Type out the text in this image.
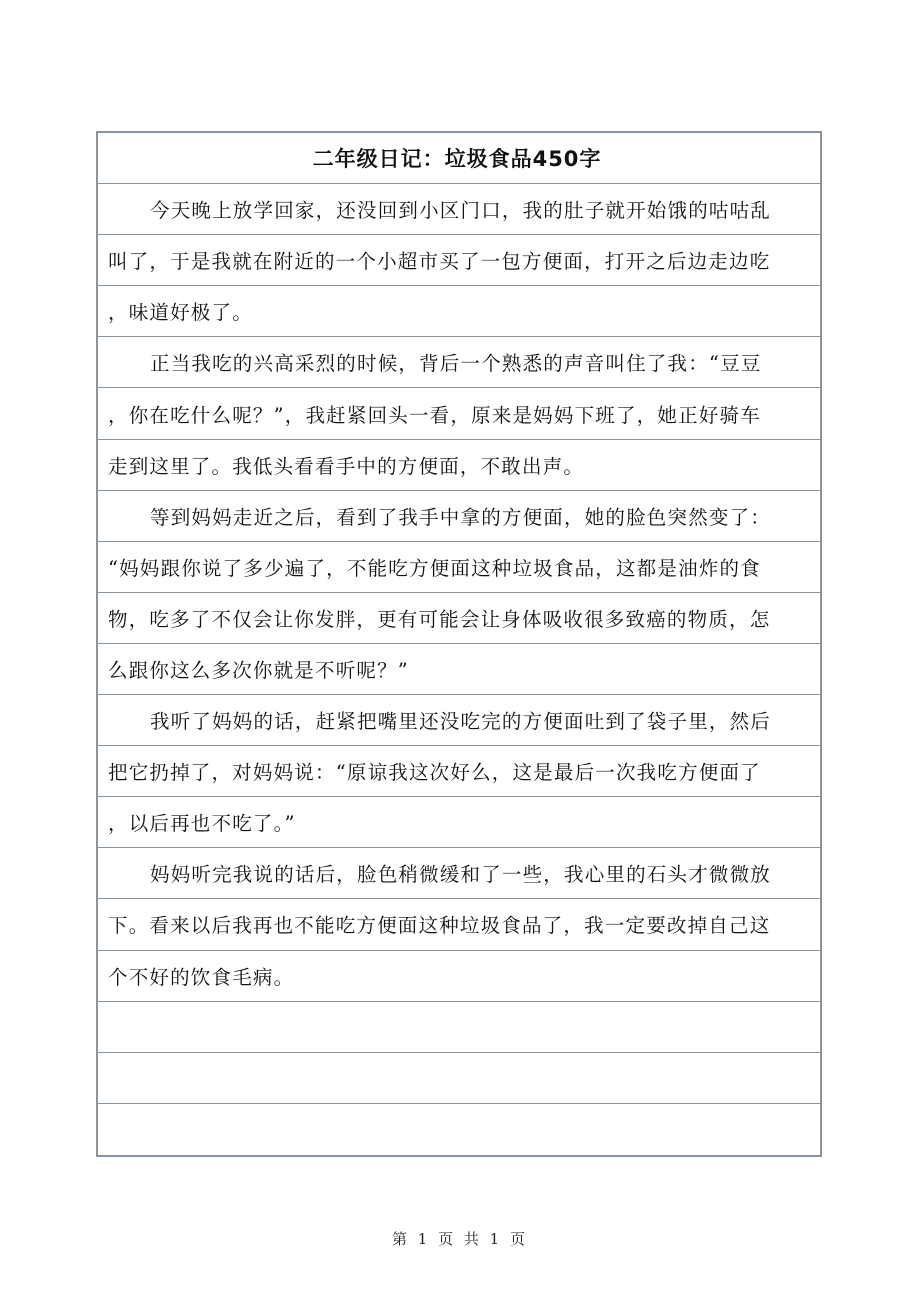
二年级日记：垃圾食品450字
今天晚上放学回家，还没回到小区门口，我的肚子就开始饿的咕咕乱
叫了，于是我就在附近的一个小超市买了一包方便面，打开之后边走边吃
，味道好极了。
正当我吃的兴高采烈的时候，背后一个熟悉的声音叫住了我：“豆豆
，你在吃什么呢？”，我赶紧回头一看，原来是妈妈下班了，她正好骑车
走到这里了。我低头看看手中的方便面，不敢出声。
等到妈妈走近之后，看到了我手中拿的方便面，她的脸色突然变了：
“妈妈跟你说了多少遍了，不能吃方便面这种垃圾食品，这都是油炸的食
物，吃多了不仅会让你发胖，更有可能会让身体吸收很多致癌的物质，怎
么跟你这么多次你就是不听呢？”
我听了妈妈的话，赶紧把嘴里还没吃完的方便面吐到了袋子里，然后
把它扔掉了，对妈妈说：“原谅我这次好么，这是最后一次我吃方便面了
，以后再也不吃了。”
妈妈听完我说的话后，脸色稍微缓和了一些，我心里的石头才微微放
下。看来以后我再也不能吃方便面这种垃圾食品了，我一定要改掉自己这
个不好的饮食毛病。
第 1 页 共 1 页
